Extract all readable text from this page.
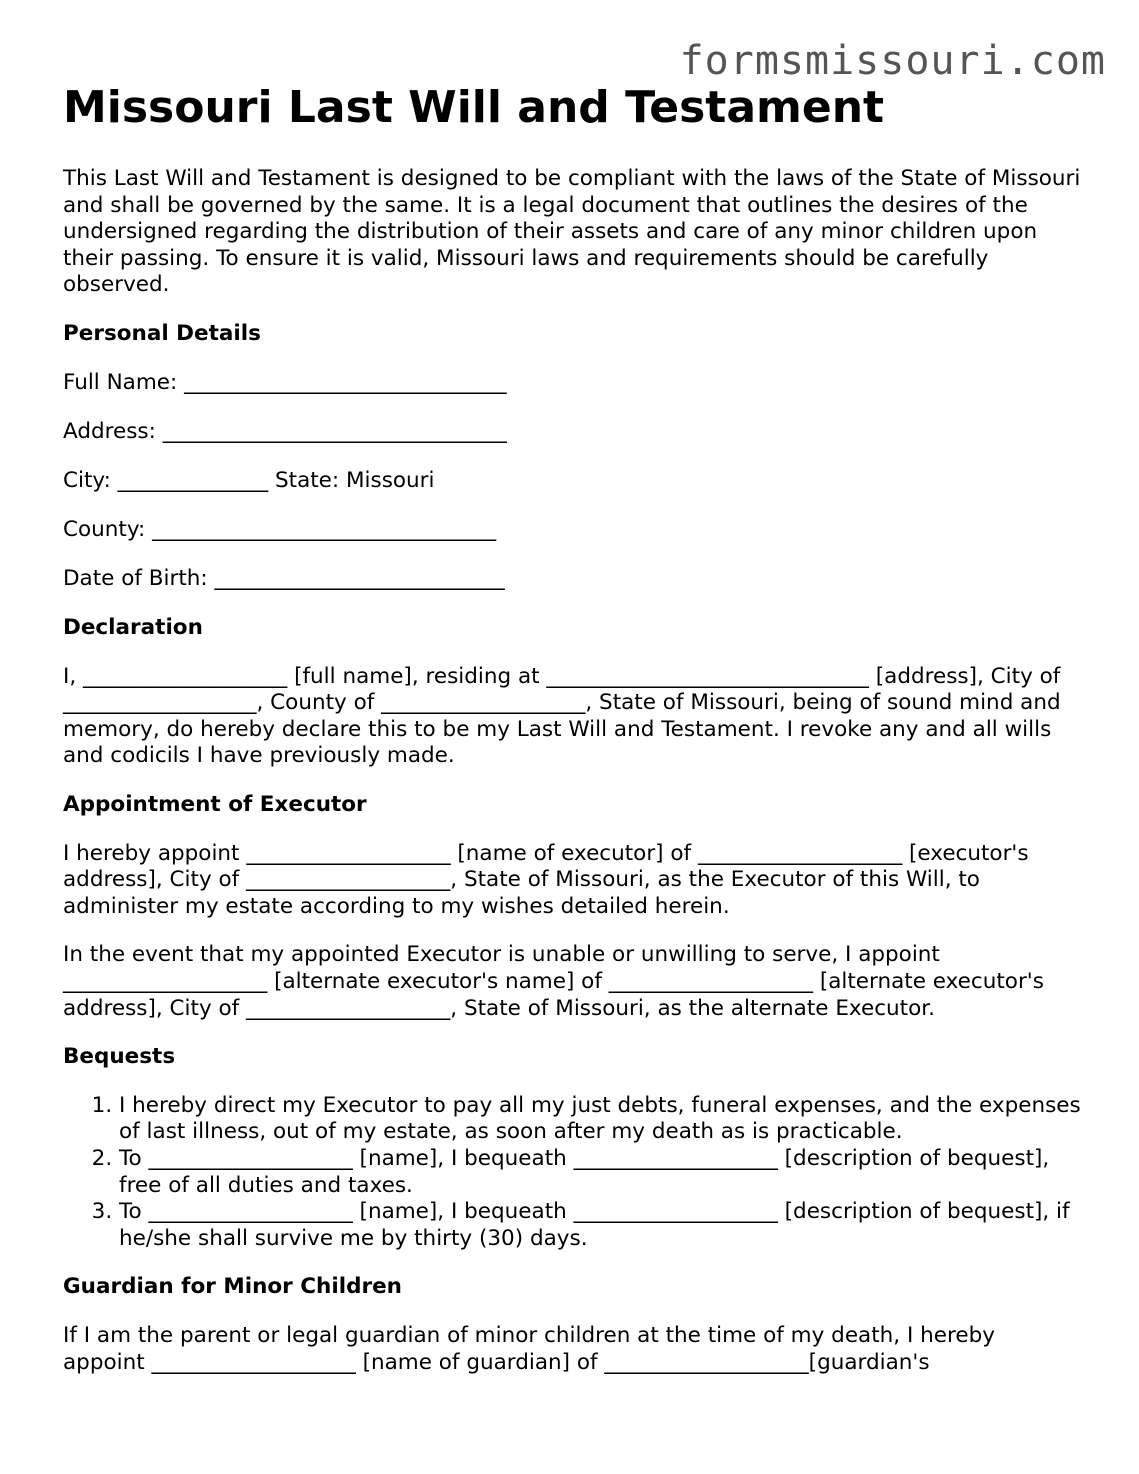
formsmissouri.com
Missouri Last Will and Testament

This Last Will and Testament is designed to be compliant with the laws of the State of Missouri and shall be governed by the same. It is a legal document that outlines the desires of the undersigned regarding the distribution of their assets and care of any minor children upon their passing. To ensure it is valid, Missouri laws and requirements should be carefully observed.

Personal Details
Full Name: ______________________________
Address: ________________________________
City: ______________ State: Missouri
County: ________________________________
Date of Birth: ___________________________
Declaration

I, ___________________ [full name], residing at ______________________________ [address], City of __________________, County of ___________________, State of Missouri, being of sound mind and memory, do hereby declare this to be my Last Will and Testament. I revoke any and all wills and codicils I have previously made.

Appointment of Executor

I hereby appoint ___________________ [name of executor] of ___________________ [executor's address], City of ___________________, State of Missouri, as the Executor of this Will, to administer my estate according to my wishes detailed herein.

In the event that my appointed Executor is unable or unwilling to serve, I appoint ___________________ [alternate executor's name] of ___________________ [alternate executor's address], City of ___________________, State of Missouri, as the alternate Executor.

Bequests
1. I hereby direct my Executor to pay all my just debts, funeral expenses, and the expenses of last illness, out of my estate, as soon after my death as is practicable.
2. To ___________________ [name], I bequeath ___________________ [description of bequest], free of all duties and taxes.
3. To ___________________ [name], I bequeath ___________________ [description of bequest], if he/she shall survive me by thirty (30) days.
Guardian for Minor Children

If I am the parent or legal guardian of minor children at the time of my death, I hereby appoint ___________________ [name of guardian] of ___________________[guardian's
